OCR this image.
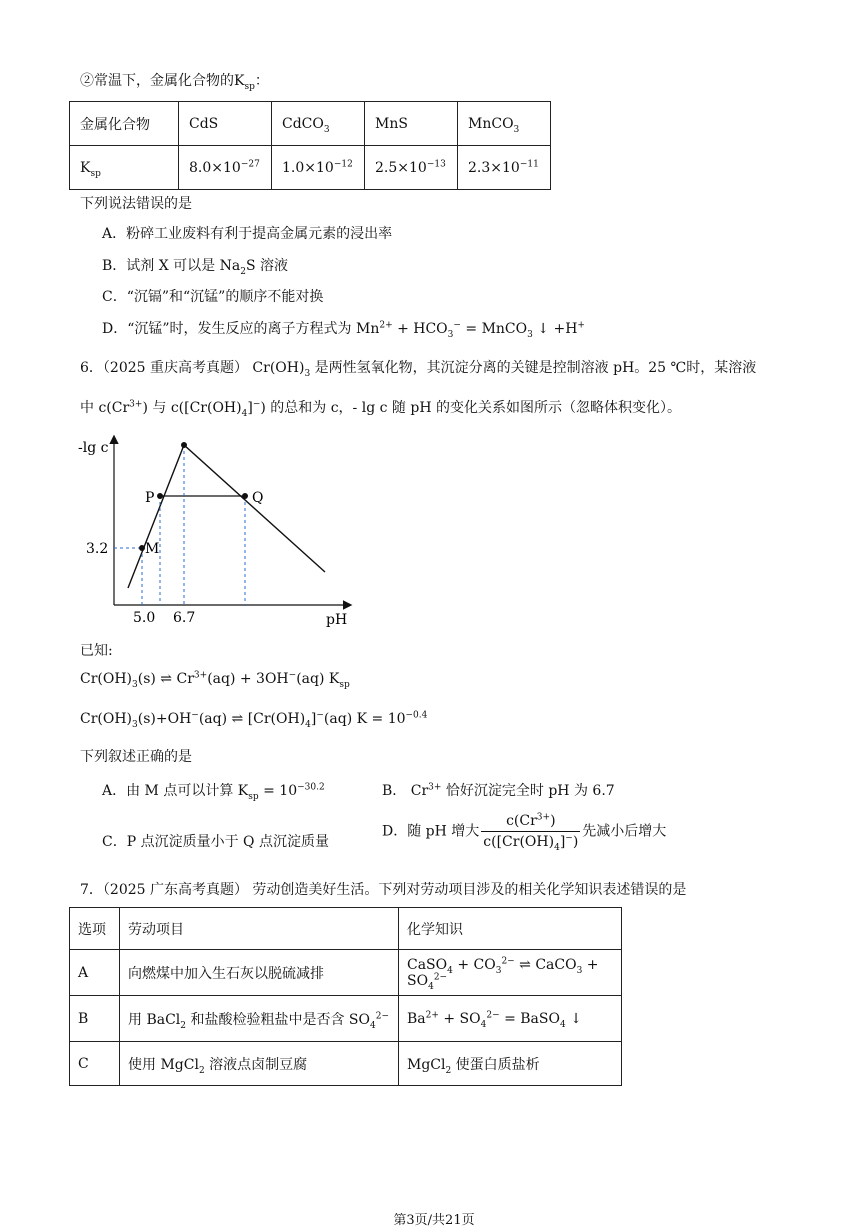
②常温下，金属化合物的$K_{sp}$：
金属化合物	CdS	CdCO$_3$	MnS	MnCO$_3$
$K_{sp}$	$8.0\times 10^{-27}$	$1.0\times 10^{-12}$	$2.5\times 10^{-13}$	$2.3\times 10^{-11}$
下列说法错误的是
A．粉碎工业废料有利于提高金属元素的浸出率
B．试剂 X 可以是 $Na_2S$ 溶液
C．“沉镉”和“沉锰”的顺序不能对换
D．“沉锰”时，发生反应的离子方程式为 $Mn^{2+} + HCO_3^-$ = MnCO$_3$ ↓ +H+
6．（2025 重庆高考真题） $Cr(OH)_3$ 是两性氢氧化物，其沉淀分离的关键是控制溶液 pH。25 ℃时，某溶液
中 $c(Cr^{3+})$ 与 $c([Cr(OH)_4]^-)$ 的总和为 c，- lg c 随 pH 的变化关系如图所示（忽略体积变化）。
-lg c
pH
5.0 6.7
3.2	M
P	Q
已知:
$Cr(OH)_3(s)$ ⇌ $Cr^{3+}(aq) + 3OH^-(aq)$ $K_{sp}$
$Cr(OH)_3(s)+OH^-(aq)$ ⇌ $[Cr(OH)_4]^-(aq) K = 10^{-0.4}$
下列叙述正确的是
A．由 M 点可以计算 $K_{sp} = 10^{-30.2}$	B． $Cr^{3+}$ 恰好沉淀完全时 pH 为 6.7
C．P 点沉淀质量小于 Q 点沉淀质量
D．随 pH 增大 $\frac{c(Cr^{3+})}{c([Cr(OH)_4]^-)}$ 先减小后增大
7．（2025 广东高考真题） 劳动创造美好生活。下列对劳动项目涉及的相关化学知识表述错误的是
选项	劳动项目	化学知识
A	向燃煤中加入生石灰以脱硫减排	CaSO$_4$ + $CO_3^{2-}$ ⇌ CaCO$_3$ + $SO_4^{2-}$
B	用 BaCl$_2$ 和盐酸检验粗盐中是否含 $SO_4^{2-}$	$Ba^{2+} + SO_4^{2-}$ = BaSO$_4$ ↓
C	使用 MgCl$_2$ 溶液点卤制豆腐	MgCl$_2$ 使蛋白质盐析
第3页/共21页
